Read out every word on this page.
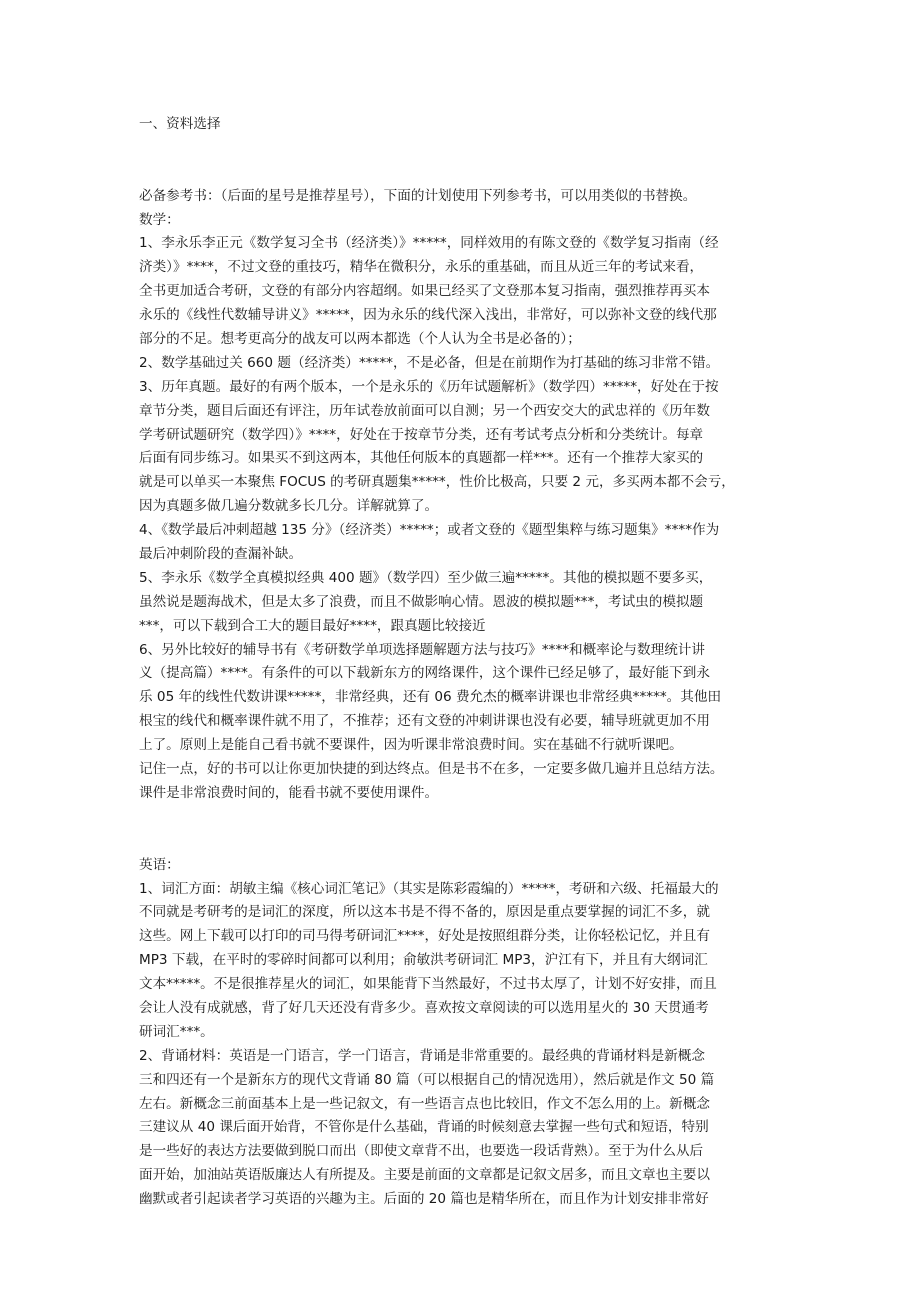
一、资料选择
必备参考书：（后面的星号是推荐星号），下面的计划使用下列参考书，可以用类似的书替换。
数学：
1、李永乐李正元《数学复习全书（经济类）》*****，同样效用的有陈文登的《数学复习指南（经
济类）》****，不过文登的重技巧，精华在微积分，永乐的重基础，而且从近三年的考试来看，
全书更加适合考研，文登的有部分内容超纲。如果已经买了文登那本复习指南，强烈推荐再买本
永乐的《线性代数辅导讲义》*****，因为永乐的线代深入浅出，非常好，可以弥补文登的线代那
部分的不足。想考更高分的战友可以两本都选（个人认为全书是必备的）；
2、数学基础过关 660 题（经济类）*****，不是必备，但是在前期作为打基础的练习非常不错。
3、历年真题。最好的有两个版本，一个是永乐的《历年试题解析》（数学四）*****，好处在于按
章节分类，题目后面还有评注，历年试卷放前面可以自测；另一个西安交大的武忠祥的《历年数
学考研试题研究（数学四）》****，好处在于按章节分类，还有考试考点分析和分类统计。每章
后面有同步练习。如果买不到这两本，其他任何版本的真题都一样***。还有一个推荐大家买的
就是可以单买一本聚焦 FOCUS 的考研真题集*****，性价比极高，只要 2 元，多买两本都不会亏，
因为真题多做几遍分数就多长几分。详解就算了。
4、《数学最后冲刺超越 135 分》（经济类）*****；或者文登的《题型集粹与练习题集》****作为
最后冲刺阶段的查漏补缺。
5、李永乐《数学全真模拟经典 400 题》（数学四）至少做三遍*****。其他的模拟题不要多买，
虽然说是题海战术，但是太多了浪费，而且不做影响心情。恩波的模拟题***，考试虫的模拟题
***，可以下载到合工大的题目最好****，跟真题比较接近
6、另外比较好的辅导书有《考研数学单项选择题解题方法与技巧》****和概率论与数理统计讲
义（提高篇）****。有条件的可以下载新东方的网络课件，这个课件已经足够了，最好能下到永
乐 05 年的线性代数讲课*****，非常经典，还有 06 费允杰的概率讲课也非常经典*****。其他田
根宝的线代和概率课件就不用了，不推荐；还有文登的冲刺讲课也没有必要，辅导班就更加不用
上了。原则上是能自己看书就不要课件，因为听课非常浪费时间。实在基础不行就听课吧。
记住一点，好的书可以让你更加快捷的到达终点。但是书不在多，一定要多做几遍并且总结方法。
课件是非常浪费时间的，能看书就不要使用课件。
英语：
1、词汇方面：胡敏主编《核心词汇笔记》（其实是陈彩霞编的）*****，考研和六级、托福最大的
不同就是考研考的是词汇的深度，所以这本书是不得不备的，原因是重点要掌握的词汇不多，就
这些。网上下载可以打印的司马得考研词汇****，好处是按照组群分类，让你轻松记忆，并且有
MP3 下载，在平时的零碎时间都可以利用；俞敏洪考研词汇 MP3，沪江有下，并且有大纲词汇
文本*****。不是很推荐星火的词汇，如果能背下当然最好，不过书太厚了，计划不好安排，而且
会让人没有成就感，背了好几天还没有背多少。喜欢按文章阅读的可以选用星火的 30 天贯通考
研词汇***。
2、背诵材料：英语是一门语言，学一门语言，背诵是非常重要的。最经典的背诵材料是新概念
三和四还有一个是新东方的现代文背诵 80 篇（可以根据自己的情况选用），然后就是作文 50 篇
左右。新概念三前面基本上是一些记叙文，有一些语言点也比较旧，作文不怎么用的上。新概念
三建议从 40 课后面开始背，不管你是什么基础，背诵的时候刻意去掌握一些句式和短语，特别
是一些好的表达方法要做到脱口而出（即使文章背不出，也要选一段话背熟）。至于为什么从后
面开始，加油站英语版廉达人有所提及。主要是前面的文章都是记叙文居多，而且文章也主要以
幽默或者引起读者学习英语的兴趣为主。后面的 20 篇也是精华所在，而且作为计划安排非常好
